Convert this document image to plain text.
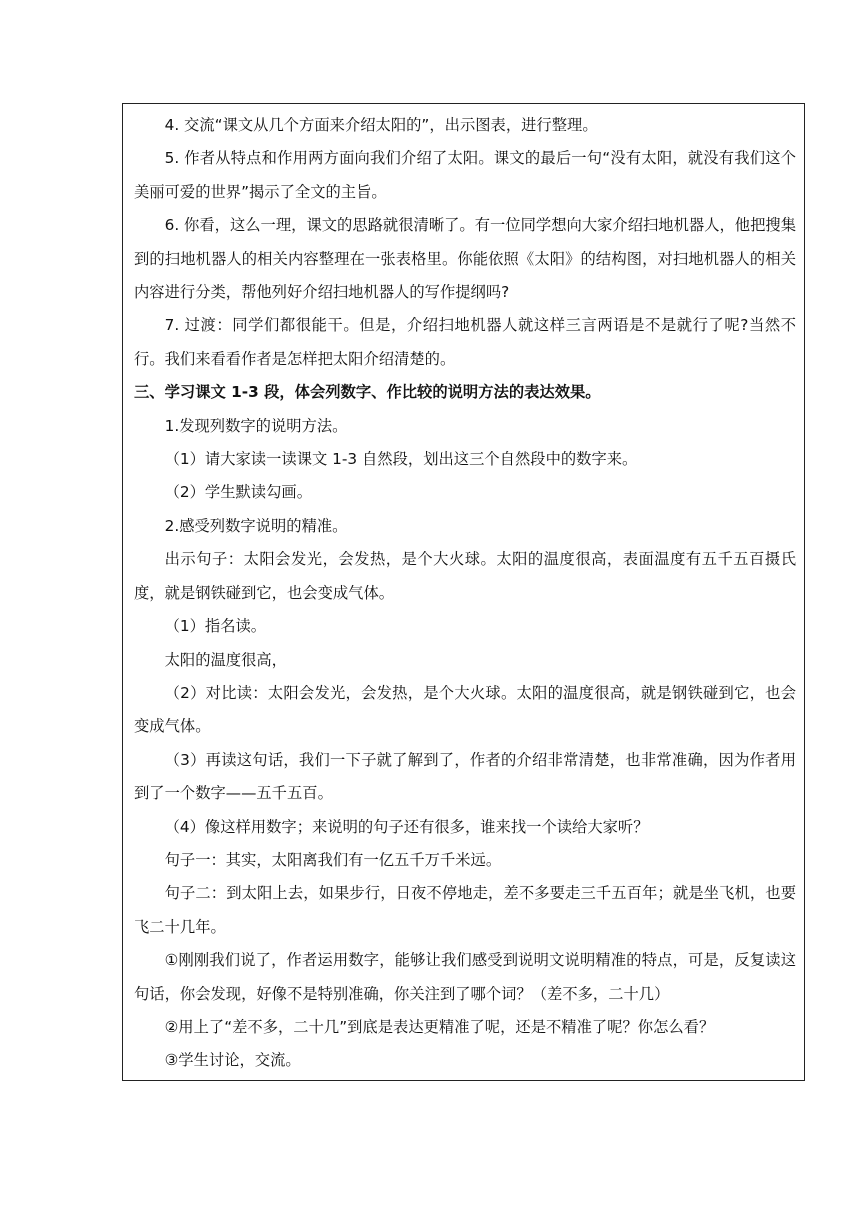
4. 交流“课文从几个方面来介绍太阳的”，出示图表，进行整理。

5. 作者从特点和作用两方面向我们介绍了太阳。课文的最后一句“没有太阳，就没有我们这个美丽可爱的世界”揭示了全文的主旨。

6. 你看，这么一理，课文的思路就很清晰了。有一位同学想向大家介绍扫地机器人，他把搜集到的扫地机器人的相关内容整理在一张表格里。你能依照《太阳》的结构图，对扫地机器人的相关内容进行分类，帮他列好介绍扫地机器人的写作提纲吗?

7. 过渡：同学们都很能干。但是，介绍扫地机器人就这样三言两语是不是就行了呢?当然不行。我们来看看作者是怎样把太阳介绍清楚的。

三、学习课文 1-3 段，体会列数字、作比较的说明方法的表达效果。

1.发现列数字的说明方法。

（1）请大家读一读课文 1-3 自然段，划出这三个自然段中的数字来。

（2）学生默读勾画。

2.感受列数字说明的精准。

出示句子：太阳会发光，会发热，是个大火球。太阳的温度很高，表面温度有五千五百摄氏度，就是钢铁碰到它，也会变成气体。

（1）指名读。

太阳的温度很高，

（2）对比读：太阳会发光，会发热，是个大火球。太阳的温度很高，就是钢铁碰到它，也会变成气体。

（3）再读这句话，我们一下子就了解到了，作者的介绍非常清楚，也非常准确，因为作者用到了一个数字——五千五百。

（4）像这样用数字；来说明的句子还有很多，谁来找一个读给大家听？

句子一：其实，太阳离我们有一亿五千万千米远。

句子二：到太阳上去，如果步行，日夜不停地走，差不多要走三千五百年；就是坐飞机，也要飞二十几年。

①刚刚我们说了，作者运用数字，能够让我们感受到说明文说明精准的特点，可是，反复读这句话，你会发现，好像不是特别准确，你关注到了哪个词？（差不多，二十几）

②用上了“差不多，二十几”到底是表达更精准了呢，还是不精准了呢？你怎么看？

③学生讨论，交流。
